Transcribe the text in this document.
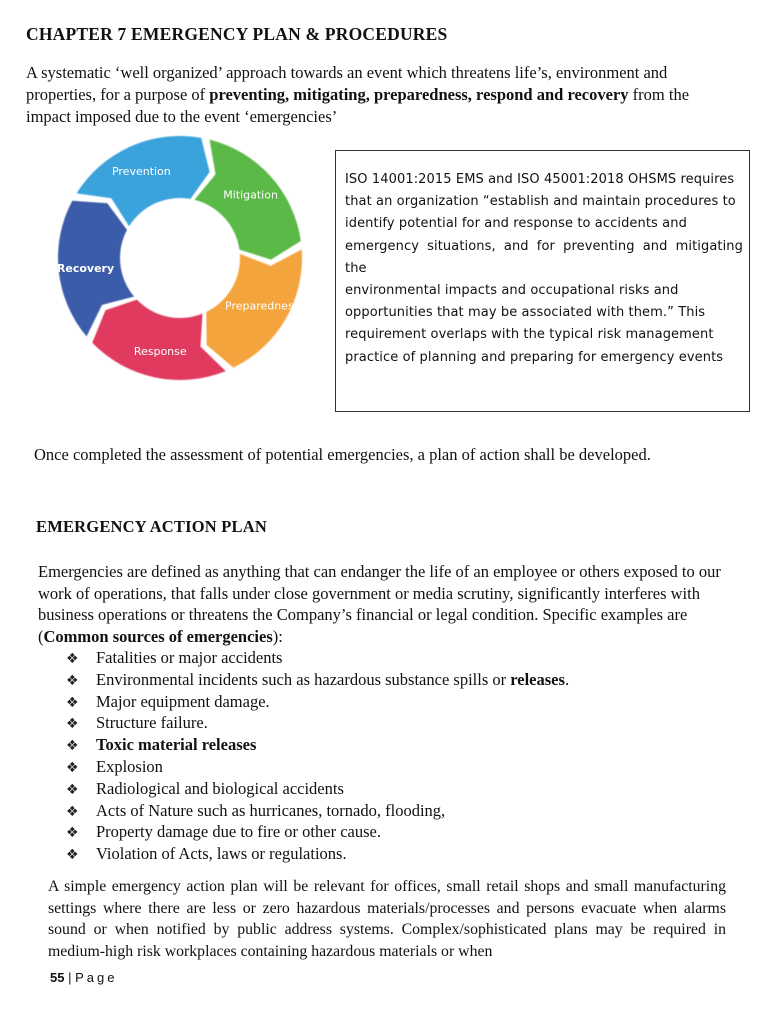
CHAPTER 7 EMERGENCY PLAN & PROCEDURES
A systematic ‘well organized’ approach towards an event which threatens life’s, environment and properties, for a purpose of preventing, mitigating, preparedness, respond and recovery from the impact imposed due to the event ‘emergencies’
Prevention
Mitigation
Preparedness
Response
Recovery
ISO 14001:2015 EMS and ISO 45001:2018 OHSMS requires
that an organization “establish and maintain procedures to
identify potential for and response to accidents and
emergency situations, and for preventing and mitigating the
environmental impacts and occupational risks and
opportunities that may be associated with them.” This
requirement overlaps with the typical risk management
practice of planning and preparing for emergency events
Once completed the assessment of potential emergencies, a plan of action shall be developed.
EMERGENCY ACTION PLAN
Emergencies are defined as anything that can endanger the life of an employee or others exposed to our work of operations, that falls under close government or media scrutiny, significantly interferes with business operations or threatens the Company’s financial or legal condition. Specific examples are (Common sources of emergencies):
❖ Fatalities or major accidents
❖ Environmental incidents such as hazardous substance spills or releases.
❖ Major equipment damage.
❖ Structure failure.
❖ Toxic material releases
❖ Explosion
❖ Radiological and biological accidents
❖ Acts of Nature such as hurricanes, tornado, flooding,
❖ Property damage due to fire or other cause.
❖ Violation of Acts, laws or regulations.
A simple emergency action plan will be relevant for offices, small retail shops and small manufacturing settings where there are less or zero hazardous materials/processes and persons evacuate when alarms sound or when notified by public address systems. Complex/sophisticated plans may be required in medium-high risk workplaces containing hazardous materials or when
55 | Page
